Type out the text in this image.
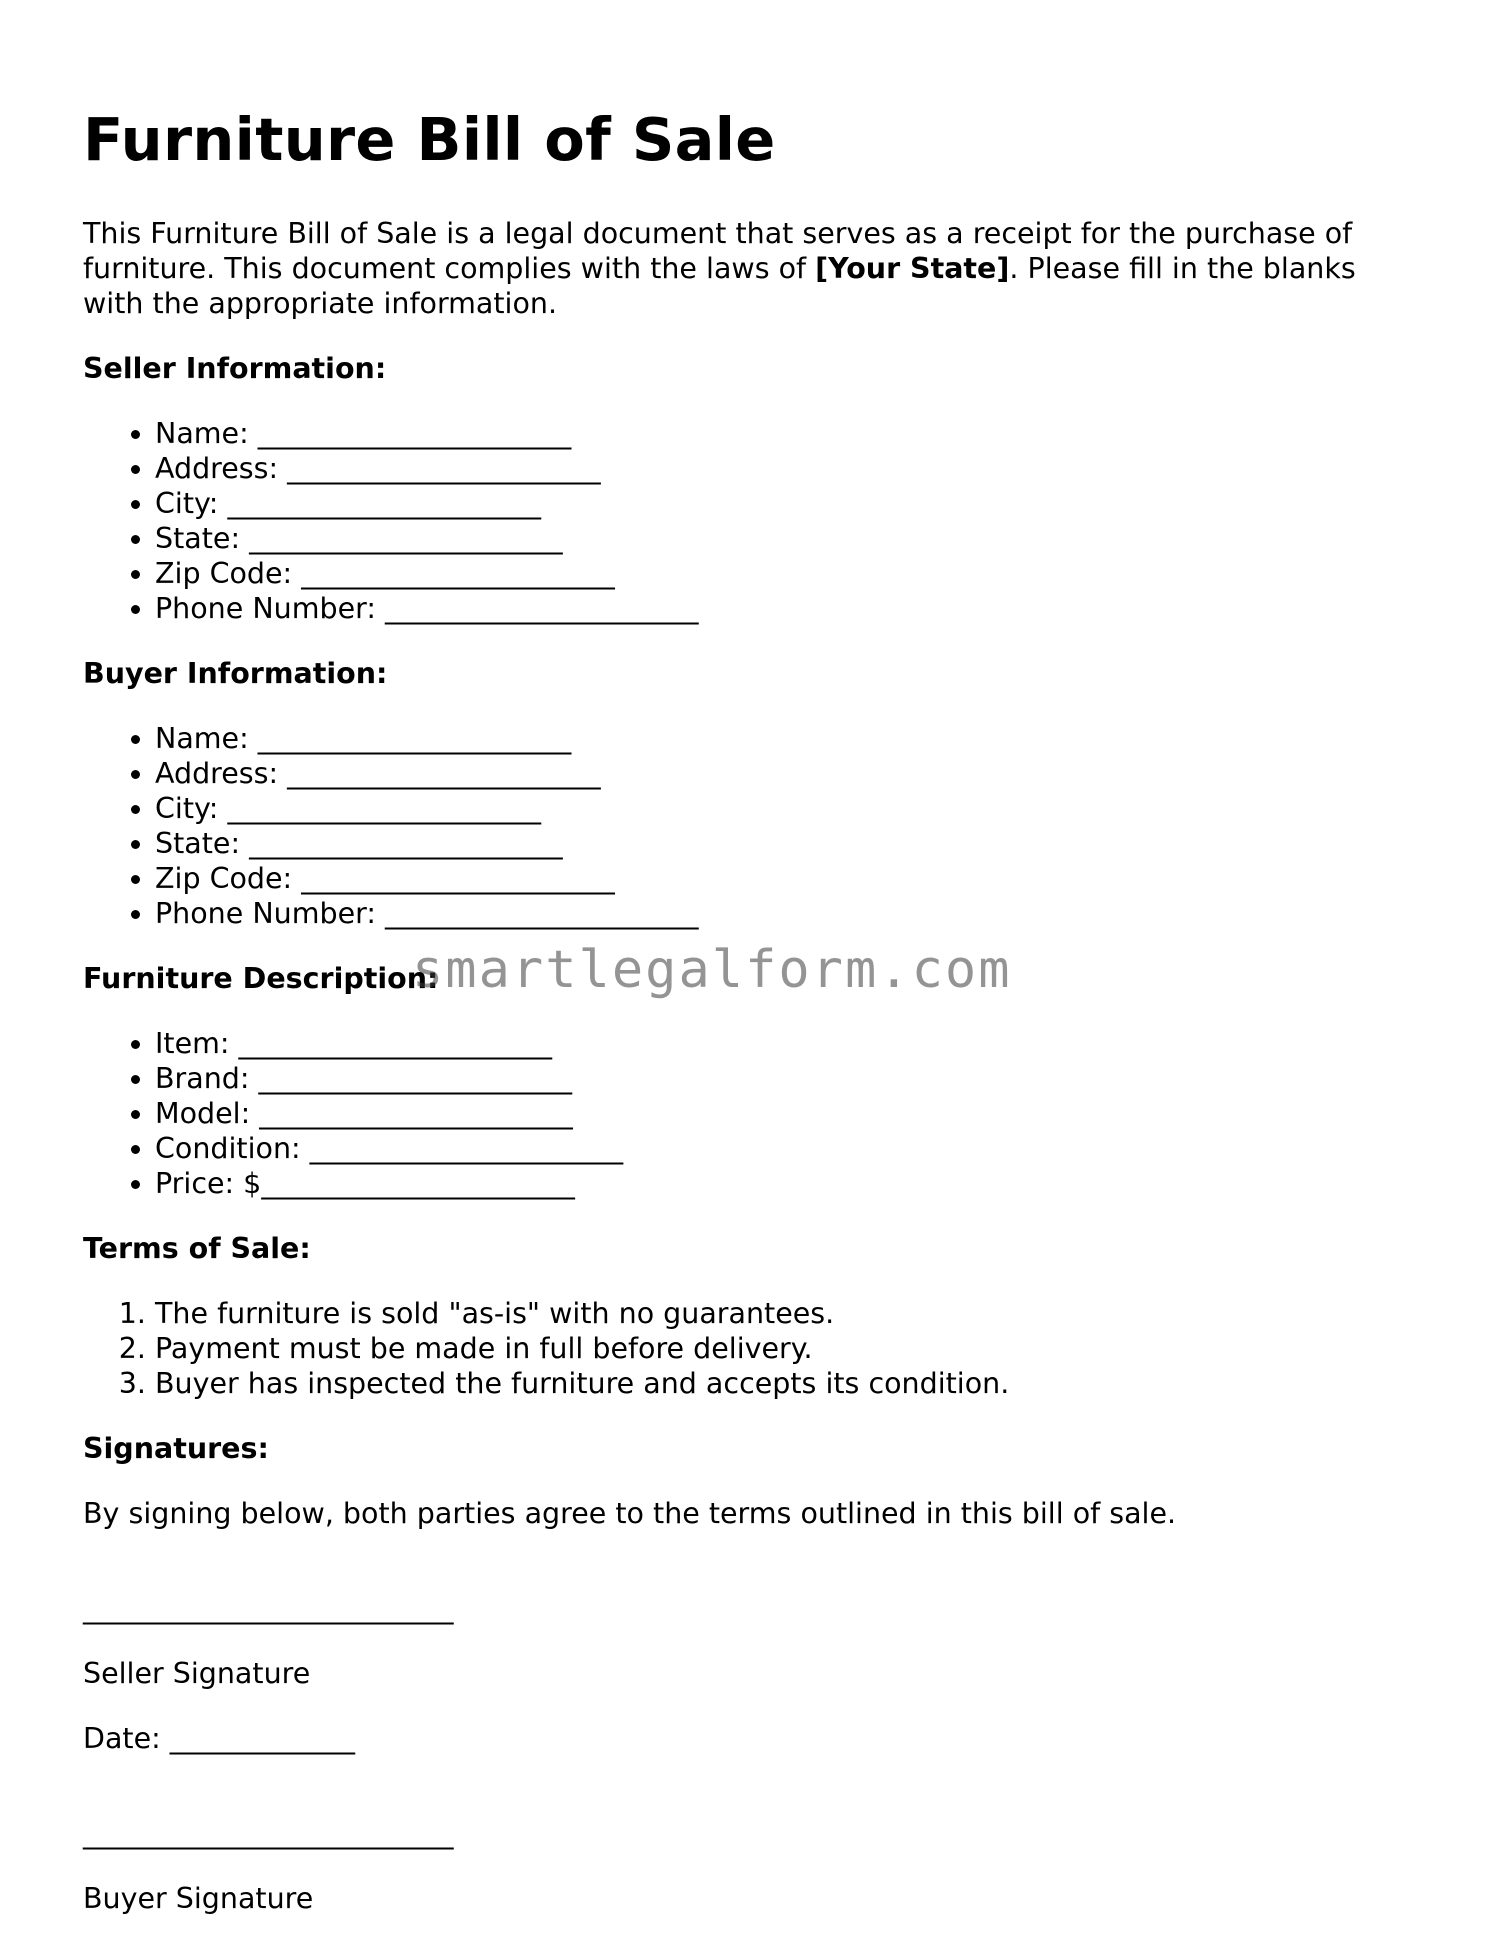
Furniture Bill of Sale

This Furniture Bill of Sale is a legal document that serves as a receipt for the purchase of furniture. This document complies with the laws of [Your State]. Please fill in the blanks with the appropriate information.

Seller Information:
• Name: ______________________
• Address: ______________________
• City: ______________________
• State: ______________________
• Zip Code: ______________________
• Phone Number: ______________________
Buyer Information:
• Name: ______________________
• Address: ______________________
• City: ______________________
• State: ______________________
• Zip Code: ______________________
• Phone Number: ______________________
Furniture Description:
• Item: ______________________
• Brand: ______________________
• Model: ______________________
• Condition: ______________________
• Price: $______________________
Terms of Sale:
1. The furniture is sold "as-is" with no guarantees.
2. Payment must be made in full before delivery.
3. Buyer has inspected the furniture and accepts its condition.
Signatures:

By signing below, both parties agree to the terms outlined in this bill of sale.

__________________________

Seller Signature

Date: _____________

__________________________

Buyer Signature

smartlegalform.com
